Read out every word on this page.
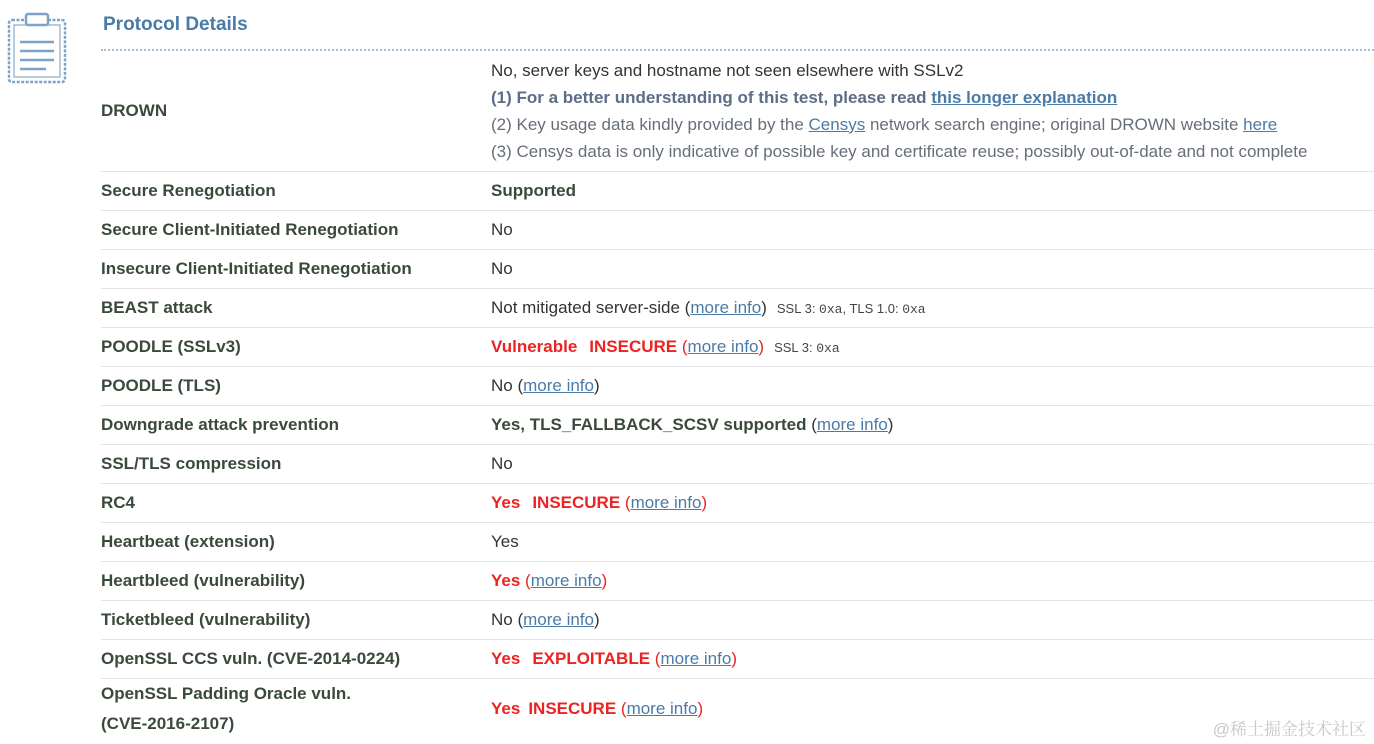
Protocol Details
DROWN	No, server keys and hostname not seen elsewhere with SSLv2
(1) For a better understanding of this test, please read this longer explanation
(2) Key usage data kindly provided by the Censys network search engine; original DROWN website here
(3) Censys data is only indicative of possible key and certificate reuse; possibly out-of-date and not complete

Secure Renegotiation	Supported
Secure Client-Initiated Renegotiation	No
Insecure Client-Initiated Renegotiation	No
BEAST attack	Not mitigated server-side (more info) SSL 3: 0xa, TLS 1.0: 0xa
POODLE (SSLv3)	Vulnerable INSECURE (more info) SSL 3: 0xa
POODLE (TLS)	No (more info)
Downgrade attack prevention	Yes, TLS_FALLBACK_SCSV supported (more info)
SSL/TLS compression	No
RC4	Yes INSECURE (more info)
Heartbeat (extension)	Yes
Heartbleed (vulnerability)	Yes (more info)
Ticketbleed (vulnerability)	No (more info)
OpenSSL CCS vuln. (CVE-2014-0224)	Yes EXPLOITABLE (more info)
OpenSSL Padding Oracle vuln.
(CVE-2016-2107)	Yes INSECURE (more info)
@稀土掘金技术社区
